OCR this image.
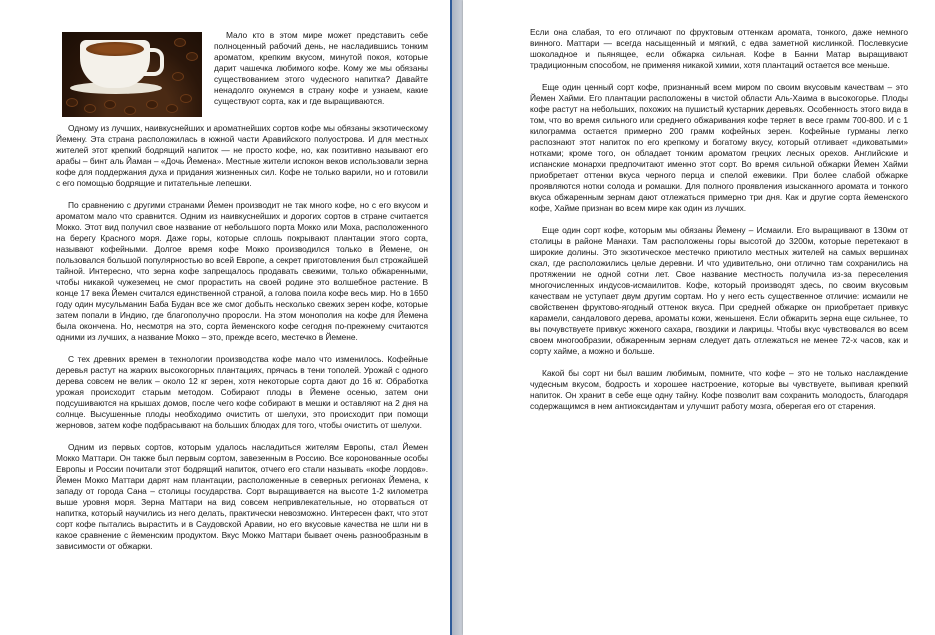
Мало кто в этом мире может представить себе полноценный рабочий день, не насладившись тонким ароматом, крепким вкусом, минутой покоя, которые дарит чашечка любимого кофе. Кому же мы обязаны существованием этого чудесного напитка? Давайте ненадолго окунемся в страну кофе и узнаем, какие существуют сорта, как и где выращиваются.

Одному из лучших, наивкуснейших и ароматнейших сортов кофе мы обязаны экзотическому Йемену. Эта страна расположилась в южной части Аравийского полуострова. И для местных жителей этот крепкий бодрящий напиток — не просто кофе, но, как позитивно называют его арабы – бинт аль Йаман – «Дочь Йемена». Местные жители испокон веков использовали зерна кофе для поддержания духа и придания жизненных сил. Кофе не только варили, но и готовили с его помощью бодрящие и питательные лепешки.

По сравнению с другими странами Йемен производит не так много кофе, но с его вкусом и ароматом мало что сравнится. Одним из наивкуснейших и дорогих сортов в стране считается Мокко. Этот вид получил свое название от небольшого порта Мокко или Моха, расположенного на берегу Красного моря. Даже горы, которые сплошь покрывают плантации этого сорта, называют кофейными. Долгое время кофе Мокко производился только в Йемене, он пользовался большой популярностью во всей Европе, а секрет приготовления был строжайшей тайной. Интересно, что зерна кофе запрещалось продавать свежими, только обжаренными, чтобы никакой чужеземец не смог прорастить на своей родине это волшебное растение. В конце 17 века Йемен считался единственной страной, а голова поила кофе весь мир. Но в 1650 году один мусульманин Баба Будан все же смог добыть несколько свежих зерен кофе, которые затем попали в Индию, где благополучно проросли. На этом монополия на кофе для Йемена была окончена. Но, несмотря на это, сорта йеменского кофе сегодня по-прежнему считаются одними из лучших, а название Мокко – это, прежде всего, местечко в Йемене.

С тех древних времен в технологии производства кофе мало что изменилось. Кофейные деревья растут на жарких высокогорных плантациях, прячась в тени тополей. Урожай с одного дерева совсем не велик – около 12 кг зерен, хотя некоторые сорта дают до 16 кг. Обработка урожая происходит старым методом. Собирают плоды в Йемене осенью, затем они подсушиваются на крышах домов, после чего кофе собирают в мешки и оставляют на 2 дня на солнце. Высушенные плоды необходимо очистить от шелухи, это происходит при помощи жерновов, затем кофе подбрасывают на больших блюдах для того, чтобы очистить от шелухи.

Одним из первых сортов, которым удалось насладиться жителям Европы, стал Йемен Мокко Маттари. Он также был первым сортом, завезенным в Россию. Все коронованные особы Европы и России почитали этот бодрящий напиток, отчего его стали называть «кофе лордов». Йемен Мокко Маттари дарят нам плантации, расположенные в северных регионах Йемена, к западу от города Сана – столицы государства. Сорт выращивается на высоте 1-2 километра выше уровня моря. Зерна Маттари на вид совсем непривлекательные, но оторваться от напитка, который научились из него делать, практически невозможно. Интересен факт, что этот сорт кофе пытались вырастить и в Саудовской Аравии, но его вкусовые качества не шли ни в какое сравнение с йеменским продуктом. Вкус Мокко Маттари бывает очень разнообразным в зависимости от обжарки.

Если она слабая, то его отличают по фруктовым оттенкам аромата, тонкого, даже немного винного. Маттари — всегда насыщенный и мягкий, с едва заметной кислинкой. Послевкусие шоколадное и пьянящее, если обжарка сильная. Кофе в Банни Матар выращивают традиционным способом, не применяя никакой химии, хотя плантаций остается все меньше.

Еще один ценный сорт кофе, признанный всем миром по своим вкусовым качествам – это Йемен Хайми. Его плантации расположены в чистой области Аль-Хаима в высокогорье. Плоды кофе растут на небольших, похожих на пушистый кустарник деревьях. Особенность этого вида в том, что во время сильного или среднего обжаривания кофе теряет в весе грамм 700-800. И с 1 килограмма остается примерно 200 грамм кофейных зерен. Кофейные гурманы легко распознают этот напиток по его крепкому и богатому вкусу, который отливает «диковатыми» нотками; кроме того, он обладает тонким ароматом грецких лесных орехов. Английские и испанские монархи предпочитают именно этот сорт. Во время сильной обжарки Йемен Хайми приобретает оттенки вкуса черного перца и спелой ежевики. При более слабой обжарке проявляются нотки солода и ромашки. Для полного проявления изысканного аромата и тонкого вкуса обжаренным зернам дают отлежаться примерно три дня. Как и другие сорта йеменского кофе, Хайме признан во всем мире как один из лучших.

Еще один сорт кофе, которым мы обязаны Йемену – Исмаили. Его выращивают в 130км от столицы в районе Манахи. Там расположены горы высотой до 3200м, которые перетекают в широкие долины. Это экзотическое местечко приютило местных жителей на самых вершинах скал, где расположились целые деревни. И что удивительно, они отлично там сохранились на протяжении не одной сотни лет. Свое название местность получила из-за переселения многочисленных индусов-исмаилитов. Кофе, который производят здесь, по своим вкусовым качествам не уступает двум другим сортам. Но у него есть существенное отличие: исмаили не свойственен фруктово-ягодный оттенок вкуса. При средней обжарке он приобретает привкус карамели, сандалового дерева, ароматы кожи, женьшеня. Если обжарить зерна еще сильнее, то вы почувствуете привкус жженого сахара, гвоздики и лакрицы. Чтобы вкус чувствовался во всем своем многообразии, обжаренным зернам следует дать отлежаться не менее 72-х часов, как и сорту хайме, а можно и больше.

Какой бы сорт ни был вашим любимым, помните, что кофе – это не только наслаждение чудесным вкусом, бодрость и хорошее настроение, которые вы чувствуете, выпивая крепкий напиток. Он хранит в себе еще одну тайну. Кофе позволит вам сохранить молодость, благодаря содержащимся в нем антиоксидантам и улучшит работу мозга, оберегая его от старения.
